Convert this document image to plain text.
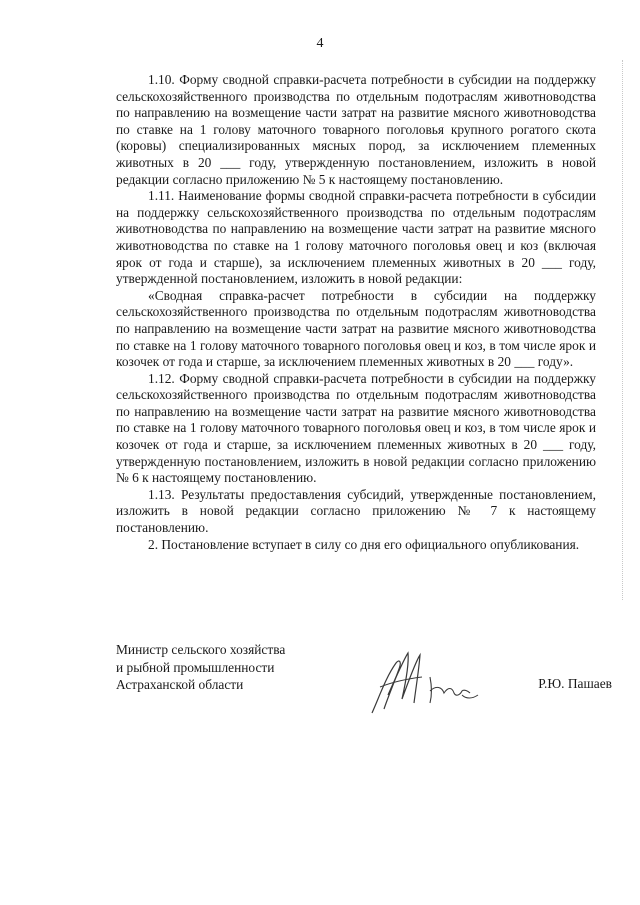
4

1.10. Форму сводной справки-расчета потребности в субсидии на поддержку сельскохозяйственного производства по отдельным подотраслям животноводства по направлению на возмещение части затрат на развитие мясного животноводства по ставке на 1 голову маточного товарного поголовья крупного рогатого скота (коровы) специализированных мясных пород, за исключением племенных животных в 20 ___ году, утвержденную постановлением, изложить в новой редакции согласно приложению № 5 к настоящему постановлению.

1.11. Наименование формы сводной справки-расчета потребности в субсидии на поддержку сельскохозяйственного производства по отдельным подотраслям животноводства по направлению на возмещение части затрат на развитие мясного животноводства по ставке на 1 голову маточного поголовья овец и коз (включая ярок от года и старше), за исключением племенных животных в 20 ___ году, утвержденной постановлением, изложить в новой редакции:

«Сводная справка-расчет потребности в субсидии на поддержку сельскохозяйственного производства по отдельным подотраслям животноводства по направлению на возмещение части затрат на развитие мясного животноводства по ставке на 1 голову маточного товарного поголовья овец и коз, в том числе ярок и козочек от года и старше, за исключением племенных животных в 20 ___ году».

1.12. Форму сводной справки-расчета потребности в субсидии на поддержку сельскохозяйственного производства по отдельным подотраслям животноводства по направлению на возмещение части затрат на развитие мясного животноводства по ставке на 1 голову маточного товарного поголовья овец и коз, в том числе ярок и козочек от года и старше, за исключением племенных животных в 20 ___ году, утвержденную постановлением, изложить в новой редакции согласно приложению № 6 к настоящему постановлению.

1.13. Результаты предоставления субсидий, утвержденные постановлением, изложить в новой редакции согласно приложению № 7 к настоящему постановлению.

2. Постановление вступает в силу со дня его официального опубликования.

Министр сельского хозяйства
и рыбной промышленности
Астраханской области	Р.Ю. Пашаев
